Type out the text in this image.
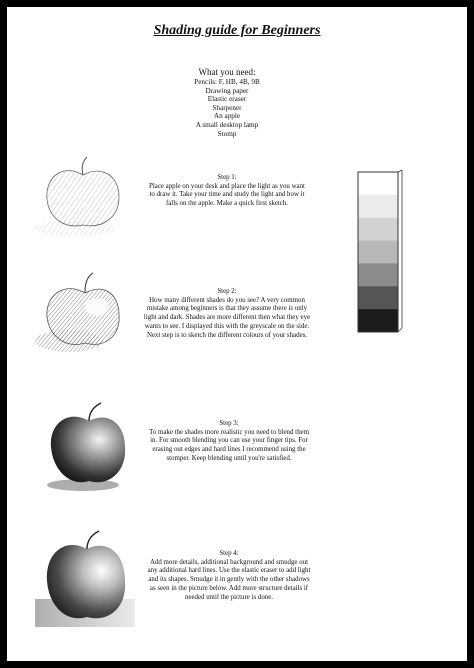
Shading guide for Beginners
What you need:
Pencils: F, HB, 4B, 9B
Drawing paper
Elastic eraser
Sharpener
An apple
A small desktop lamp
Stomp
Step 1:
Place apple on your desk and place the light as you want
to draw it. Take your time and study the light and how it
falls on the apple. Make a quick first sketch.
Step 2:
How many different shades do you see? A very common
mistake among beginners is that they assume there is only
light and dark. Shades are more different then what they eye
wants to see. I displayed this with the greyscale on the side.
Next step is to sketch the different colours of your shades.
Step 3:
To make the shades more realistic you need to blend them
in. For smooth blending you can use your finger tips. For
erasing out edges and hard lines I recommend using the
stomper. Keep blending until you're satisfied.
Step 4:
Add more details, additional background and smudge out
any additional hard lines. Use the elastic eraser to add light
and its shapes. Smudge it in gently with the other shadows
as seen in the picture below. Add more structure details if
needed until the picture is done.
